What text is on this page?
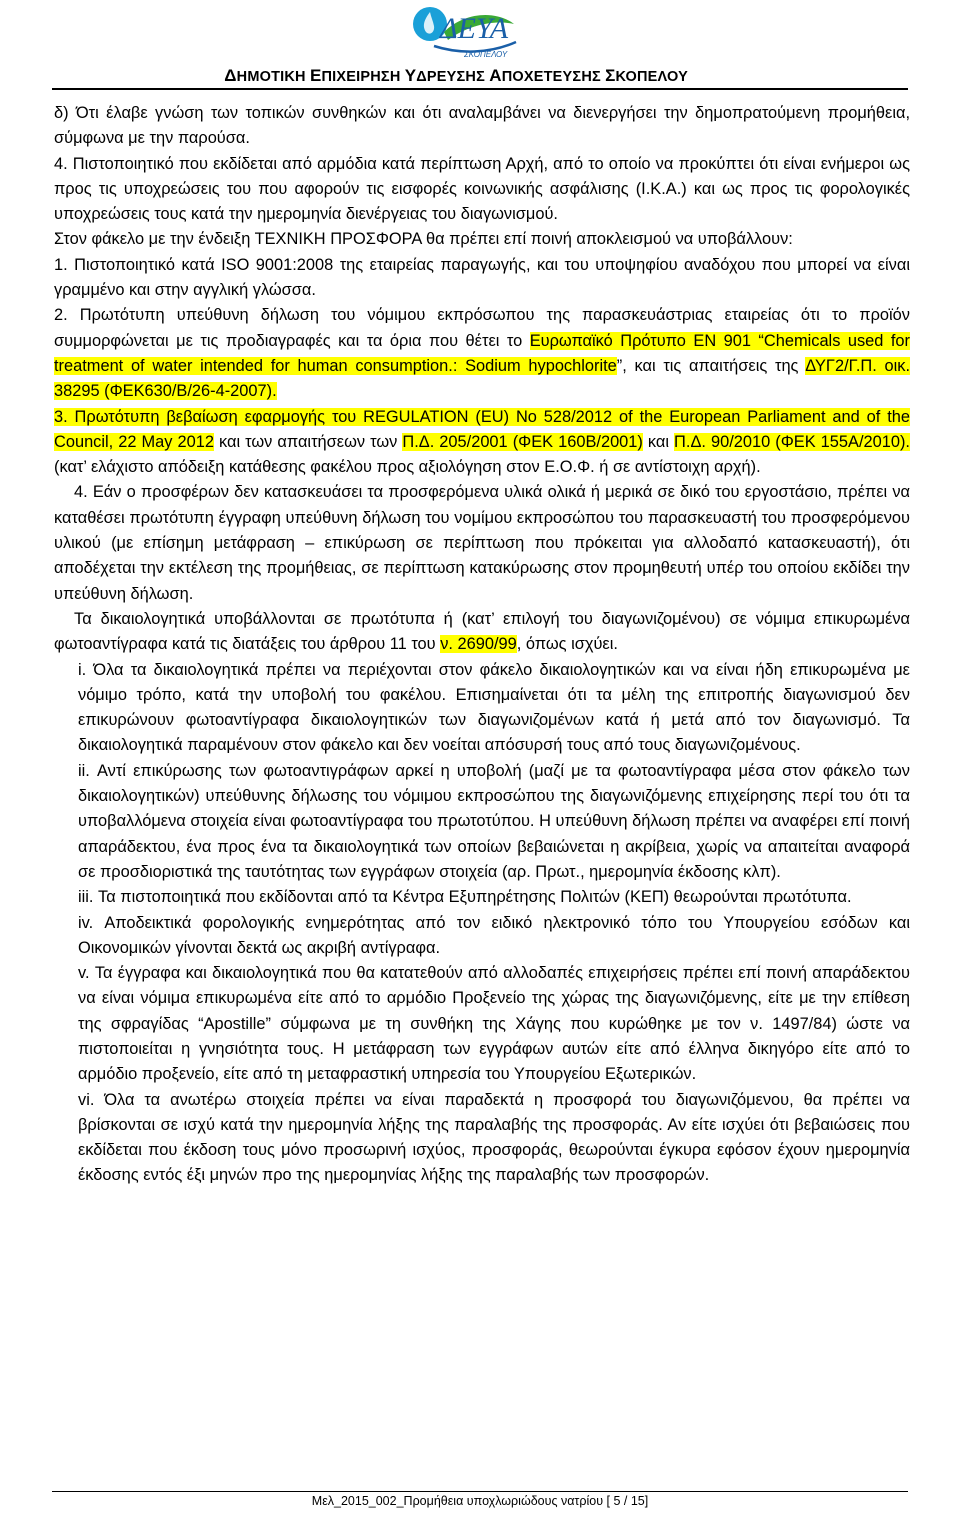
ΔΕΥΑ
ΣΚΟΠΕΛΟΥ
ΔΗΜΟΤΙΚΗ ΕΠΙΧΕΙΡΗΣΗ ΥΔΡΕΥΣΗΣ ΑΠΟΧΕΤΕΥΣΗΣ ΣΚΟΠΕΛΟΥ

δ) Ότι έλαβε γνώση των τοπικών συνθηκών και ότι αναλαμβάνει να διενεργήσει την δημοπρατούμενη προμήθεια, σύμφωνα με την παρούσα.

4. Πιστοποιητικό που εκδίδεται από αρμόδια κατά περίπτωση Αρχή, από το οποίο να προκύπτει ότι είναι ενήμεροι ως προς τις υποχρεώσεις του που αφορούν τις εισφορές κοινωνικής ασφάλισης (Ι.Κ.Α.) και ως προς τις φορολογικές υποχρεώσεις τους κατά την ημερομηνία διενέργειας του διαγωνισμού.

Στον φάκελο με την ένδειξη ΤΕΧΝΙΚΗ ΠΡΟΣΦΟΡΑ θα πρέπει επί ποινή αποκλεισμού να υποβάλλουν:

1. Πιστοποιητικό κατά ISO 9001:2008 της εταιρείας παραγωγής, και του υποψηφίου αναδόχου που μπορεί να είναι γραμμένο και στην αγγλική γλώσσα.

2. Πρωτότυπη υπεύθυνη δήλωση του νόμιμου εκπρόσωπου της παρασκευάστριας εταιρείας ότι το προϊόν συμμορφώνεται με τις προδιαγραφές και τα όρια που θέτει το Ευρωπαϊκό Πρότυπο ΕΝ 901 “Chemicals used for treatment of water intended for human consumption.: Sodium hypochlorite”, και τις απαιτήσεις της ΔΥΓ2/Γ.Π. οικ. 38295 (ΦΕΚ630/Β/26-4-2007).

3. Πρωτότυπη βεβαίωση εφαρμογής του REGULATION (EU) No 528/2012 of the European Parliament and of the Council, 22 May 2012 και των απαιτήσεων των Π.Δ. 205/2001 (ΦΕΚ 160Β/2001) και Π.Δ. 90/2010 (ΦΕΚ 155Α/2010). (κατ’ ελάχιστο απόδειξη κατάθεσης φακέλου προς αξιολόγηση στον Ε.Ο.Φ. ή σε αντίστοιχη αρχή).

4. Εάν ο προσφέρων δεν κατασκευάσει τα προσφερόμενα υλικά ολικά ή μερικά σε δικό του εργοστάσιο, πρέπει να καταθέσει πρωτότυπη έγγραφη υπεύθυνη δήλωση του νομίμου εκπροσώπου του παρασκευαστή του προσφερόμενου υλικού (με επίσημη μετάφραση – επικύρωση σε περίπτωση που πρόκειται για αλλοδαπό κατασκευαστή), ότι αποδέχεται την εκτέλεση της προμήθειας, σε περίπτωση κατακύρωσης στον προμηθευτή υπέρ του οποίου εκδίδει την υπεύθυνη δήλωση.

Τα δικαιολογητικά υποβάλλονται σε πρωτότυπα ή (κατ’ επιλογή του διαγωνιζομένου) σε νόμιμα επικυρωμένα φωτοαντίγραφα κατά τις διατάξεις του άρθρου 11 του ν. 2690/99, όπως ισχύει.

i. Όλα τα δικαιολογητικά πρέπει να περιέχονται στον φάκελο δικαιολογητικών και να είναι ήδη επικυρωμένα με νόμιμο τρόπο, κατά την υποβολή του φακέλου. Επισημαίνεται ότι τα μέλη της επιτροπής διαγωνισμού δεν επικυρώνουν φωτοαντίγραφα δικαιολογητικών των διαγωνιζομένων κατά ή μετά από τον διαγωνισμό. Τα δικαιολογητικά παραμένουν στον φάκελο και δεν νοείται απόσυρσή τους από τους διαγωνιζομένους.

ii. Αντί επικύρωσης των φωτοαντιγράφων αρκεί η υποβολή (μαζί με τα φωτοαντίγραφα μέσα στον φάκελο των δικαιολογητικών) υπεύθυνης δήλωσης του νόμιμου εκπροσώπου της διαγωνιζόμενης επιχείρησης περί του ότι τα υποβαλλόμενα στοιχεία είναι φωτοαντίγραφα του πρωτοτύπου. Η υπεύθυνη δήλωση πρέπει να αναφέρει επί ποινή απαράδεκτου, ένα προς ένα τα δικαιολογητικά των οποίων βεβαιώνεται η ακρίβεια, χωρίς να απαιτείται αναφορά σε προσδιοριστικά της ταυτότητας των εγγράφων στοιχεία (αρ. Πρωτ., ημερομηνία έκδοσης κλπ).

iii. Τα πιστοποιητικά που εκδίδονται από τα Κέντρα Εξυπηρέτησης Πολιτών (ΚΕΠ) θεωρούνται πρωτότυπα.

iv. Αποδεικτικά φορολογικής ενημερότητας από τον ειδικό ηλεκτρονικό τόπο του Υπουργείου εσόδων και Οικονομικών γίνονται δεκτά ως ακριβή αντίγραφα.

v. Τα έγγραφα και δικαιολογητικά που θα κατατεθούν από αλλοδαπές επιχειρήσεις πρέπει επί ποινή απαράδεκτου να είναι νόμιμα επικυρωμένα είτε από το αρμόδιο Προξενείο της χώρας της διαγωνιζόμενης, είτε με την επίθεση της σφραγίδας “Apostille” σύμφωνα με τη συνθήκη της Χάγης που κυρώθηκε με τον ν. 1497/84) ώστε να πιστοποιείται η γνησιότητα τους. Η μετάφραση των εγγράφων αυτών είτε από έλληνα δικηγόρο είτε από το αρμόδιο προξενείο, είτε από τη μεταφραστική υπηρεσία του Υπουργείου Εξωτερικών.

vi. Όλα τα ανωτέρω στοιχεία πρέπει να είναι παραδεκτά η προσφορά του διαγωνιζόμενου, θα πρέπει να βρίσκονται σε ισχύ κατά την ημερομηνία λήξης της παραλαβής της προσφοράς. Αν είτε ισχύει ότι βεβαιώσεις που εκδίδεται που έκδοση τους μόνο προσωρινή ισχύος, προσφοράς, θεωρούνται έγκυρα εφόσον έχουν ημερομηνία έκδοσης εντός έξι μηνών προ της ημερομηνίας λήξης της παραλαβής των προσφορών.

Μελ_2015_002_Προμήθεια υποχλωριώδους νατρίου [ 5 / 15]
